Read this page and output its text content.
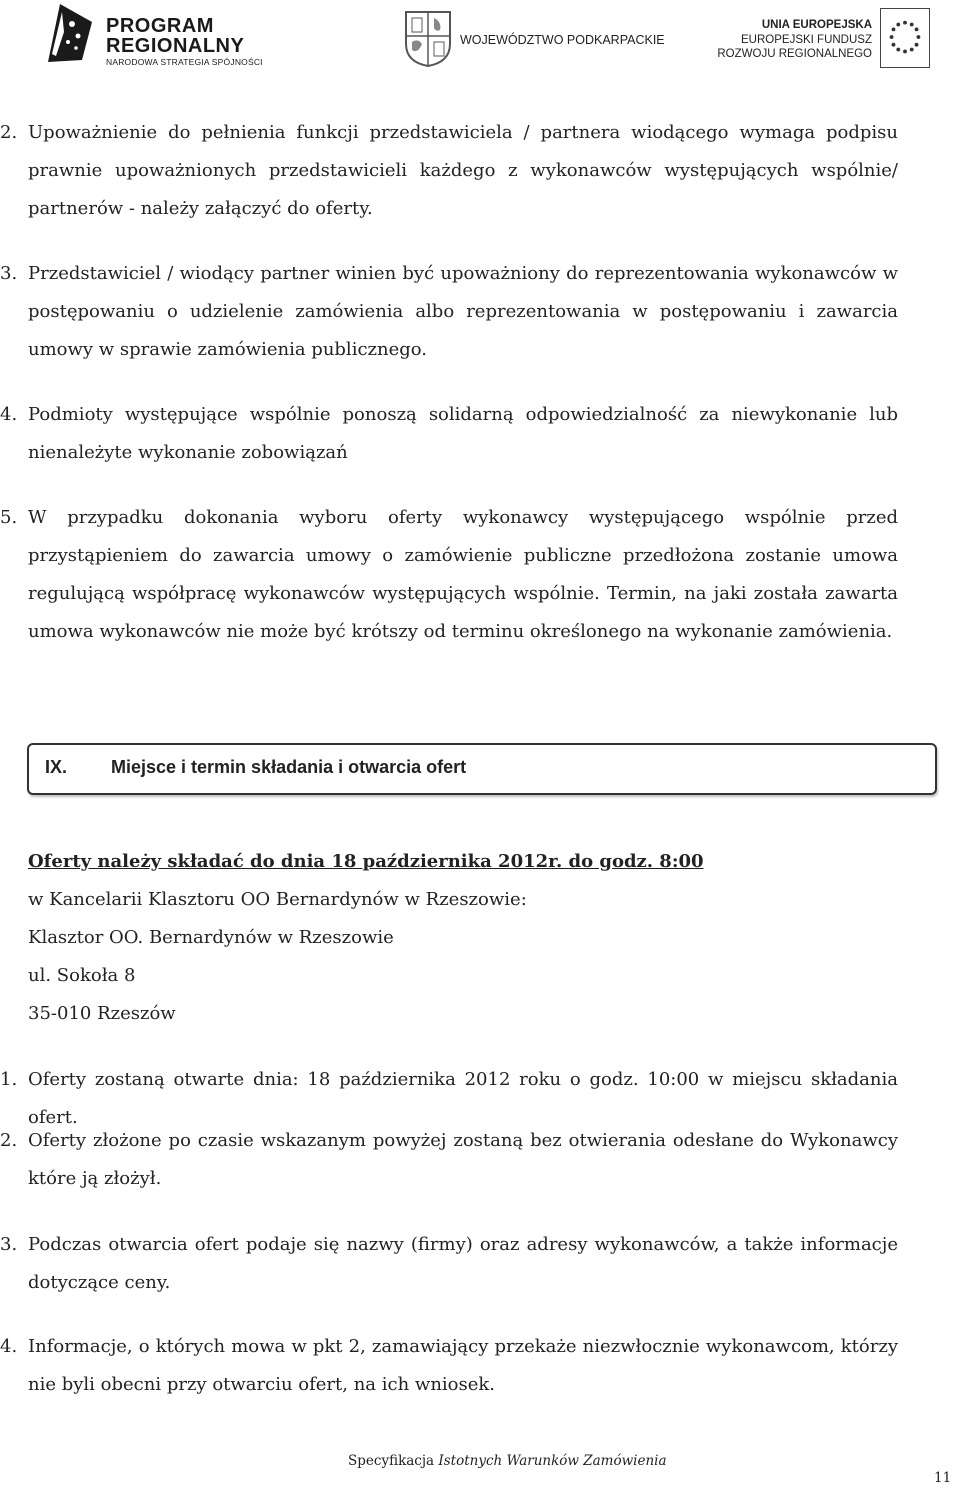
PROGRAM
REGIONALNY
NARODOWA STRATEGIA SPÓJNOŚCI
WOJEWÓDZTWO PODKARPACKIE
UNIA EUROPEJSKA
EUROPEJSKI FUNDUSZ
ROZWOJU REGIONALNEGO
2. Upoważnienie do pełnienia funkcji przedstawiciela / partnera wiodącego wymaga podpisu prawnie upoważnionych przedstawicieli każdego z wykonawców występujących wspólnie/ partnerów - należy załączyć do oferty.
3. Przedstawiciel / wiodący partner winien być upoważniony do reprezentowania wykonawców w postępowaniu o udzielenie zamówienia albo reprezentowania w postępowaniu i zawarcia umowy w sprawie zamówienia publicznego.
4. Podmioty występujące wspólnie ponoszą solidarną odpowiedzialność za niewykonanie lub nienależyte wykonanie zobowiązań
5. W przypadku dokonania wyboru oferty wykonawcy występującego wspólnie przed przystąpieniem do zawarcia umowy o zamówienie publiczne przedłożona zostanie umowa regulującą współpracę wykonawców występujących wspólnie. Termin, na jaki została zawarta umowa wykonawców nie może być krótszy od terminu określonego na wykonanie zamówienia.
IX. Miejsce i termin składania i otwarcia ofert
Oferty należy składać do dnia 18 października 2012r. do godz. 8:00
w Kancelarii Klasztoru OO Bernardynów w Rzeszowie:
Klasztor OO. Bernardynów w Rzeszowie
ul. Sokoła 8
35-010 Rzeszów
1. Oferty zostaną otwarte dnia: 18 października 2012 roku o godz. 10:00 w miejscu składania ofert.
2. Oferty złożone po czasie wskazanym powyżej zostaną bez otwierania odesłane do Wykonawcy które ją złożył.
3. Podczas otwarcia ofert podaje się nazwy (firmy) oraz adresy wykonawców, a także informacje dotyczące ceny.
4. Informacje, o których mowa w pkt 2, zamawiający przekaże niezwłocznie wykonawcom, którzy nie byli obecni przy otwarciu ofert, na ich wniosek.
Specyfikacja Istotnych Warunków Zamówienia
11
